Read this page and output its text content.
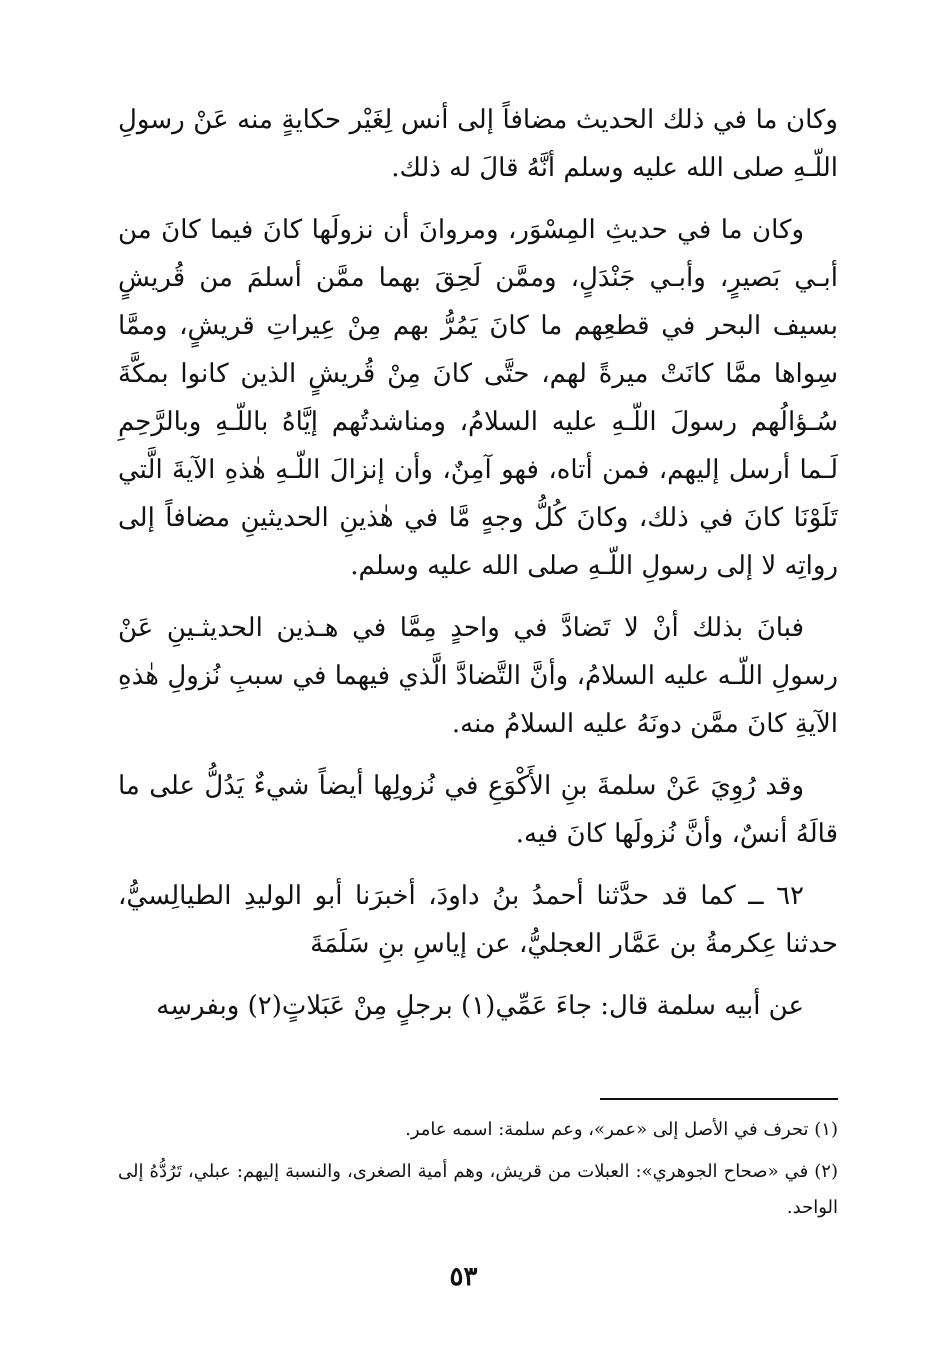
وكان ما في ذلك الحديث مضافاً إلى أنس لِغَيْر حكايةٍ منه عَنْ رسولِ اللّـهِ صلى الله عليه وسلم أنَّهُ قالَ له ذلك.

وكان ما في حديثِ المِسْوَر، ومروانَ أن نزولَها كانَ فيما كانَ من أبـي بَصيرٍ، وأبـي جَنْدَلٍ، وممَّن لَحِقَ بهما ممَّن أسلمَ من قُريشٍ بسيف البحر في قطعِهم ما كانَ يَمُرُّ بهم مِنْ عِيراتِ قريشٍ، وممَّا سِواها ممَّا كانَتْ ميرةً لهم، حتَّى كانَ مِنْ قُريشٍ الذين كانوا بمكَّةَ سُـؤالُهم رسولَ اللّـهِ عليه السلامُ، ومناشدتُهم إيَّاهُ باللّـهِ وبالرَّحِمِ لَـما أرسل إليهم، فمن أتاه، فهو آمِنٌ، وأن إنزالَ اللّـهِ هٰذهِ الآيةَ الَّتي تَلَوْنَا كانَ في ذلك، وكانَ كُلُّ وجهٍ مَّا في هٰذينِ الحديثينِ مضافاً إلى رواتِه لا إلى رسولِ اللّـهِ صلى الله عليه وسلم.

فبانَ بذلك أنْ لا تَضادَّ في واحدٍ مِمَّا في هـذين الحديثـينِ عَنْ رسولِ اللّـه عليه السلامُ، وأنَّ التَّضادَّ الَّذي فيهما في سببِ نُزولِ هٰذهِ الآيةِ كانَ ممَّن دونَهُ عليه السلامُ منه.

وقد رُوِيَ عَنْ سلمةَ بنِ الأَكْوَعِ في نُزولِها أيضاً شيءٌ يَدُلُّ على ما قالَهُ أنسٌ، وأنَّ نُزولَها كانَ فيه.

٦٢ ــ كما قد حدَّثنا أحمدُ بنُ داودَ، أخبرَنا أبو الوليدِ الطيالِسيُّ، حدثنا عِكرمةُ بن عَمَّار العجليُّ، عن إياسِ بنِ سَلَمَةَ

عن أبيه سلمة قال: جاءَ عَمِّي(١) برجلٍ مِنْ عَبَلاتٍ(٢) وبفرسِه

(١) تحرف في الأصل إلى «عمر»، وعم سلمة: اسمه عامر.

(٢) في «صحاح الجوهري»: العبلات من قريش، وهم أمية الصغرى، والنسبة إليهم: عبلي، تَرُدُّهُ إلى الواحد.

٥٣
